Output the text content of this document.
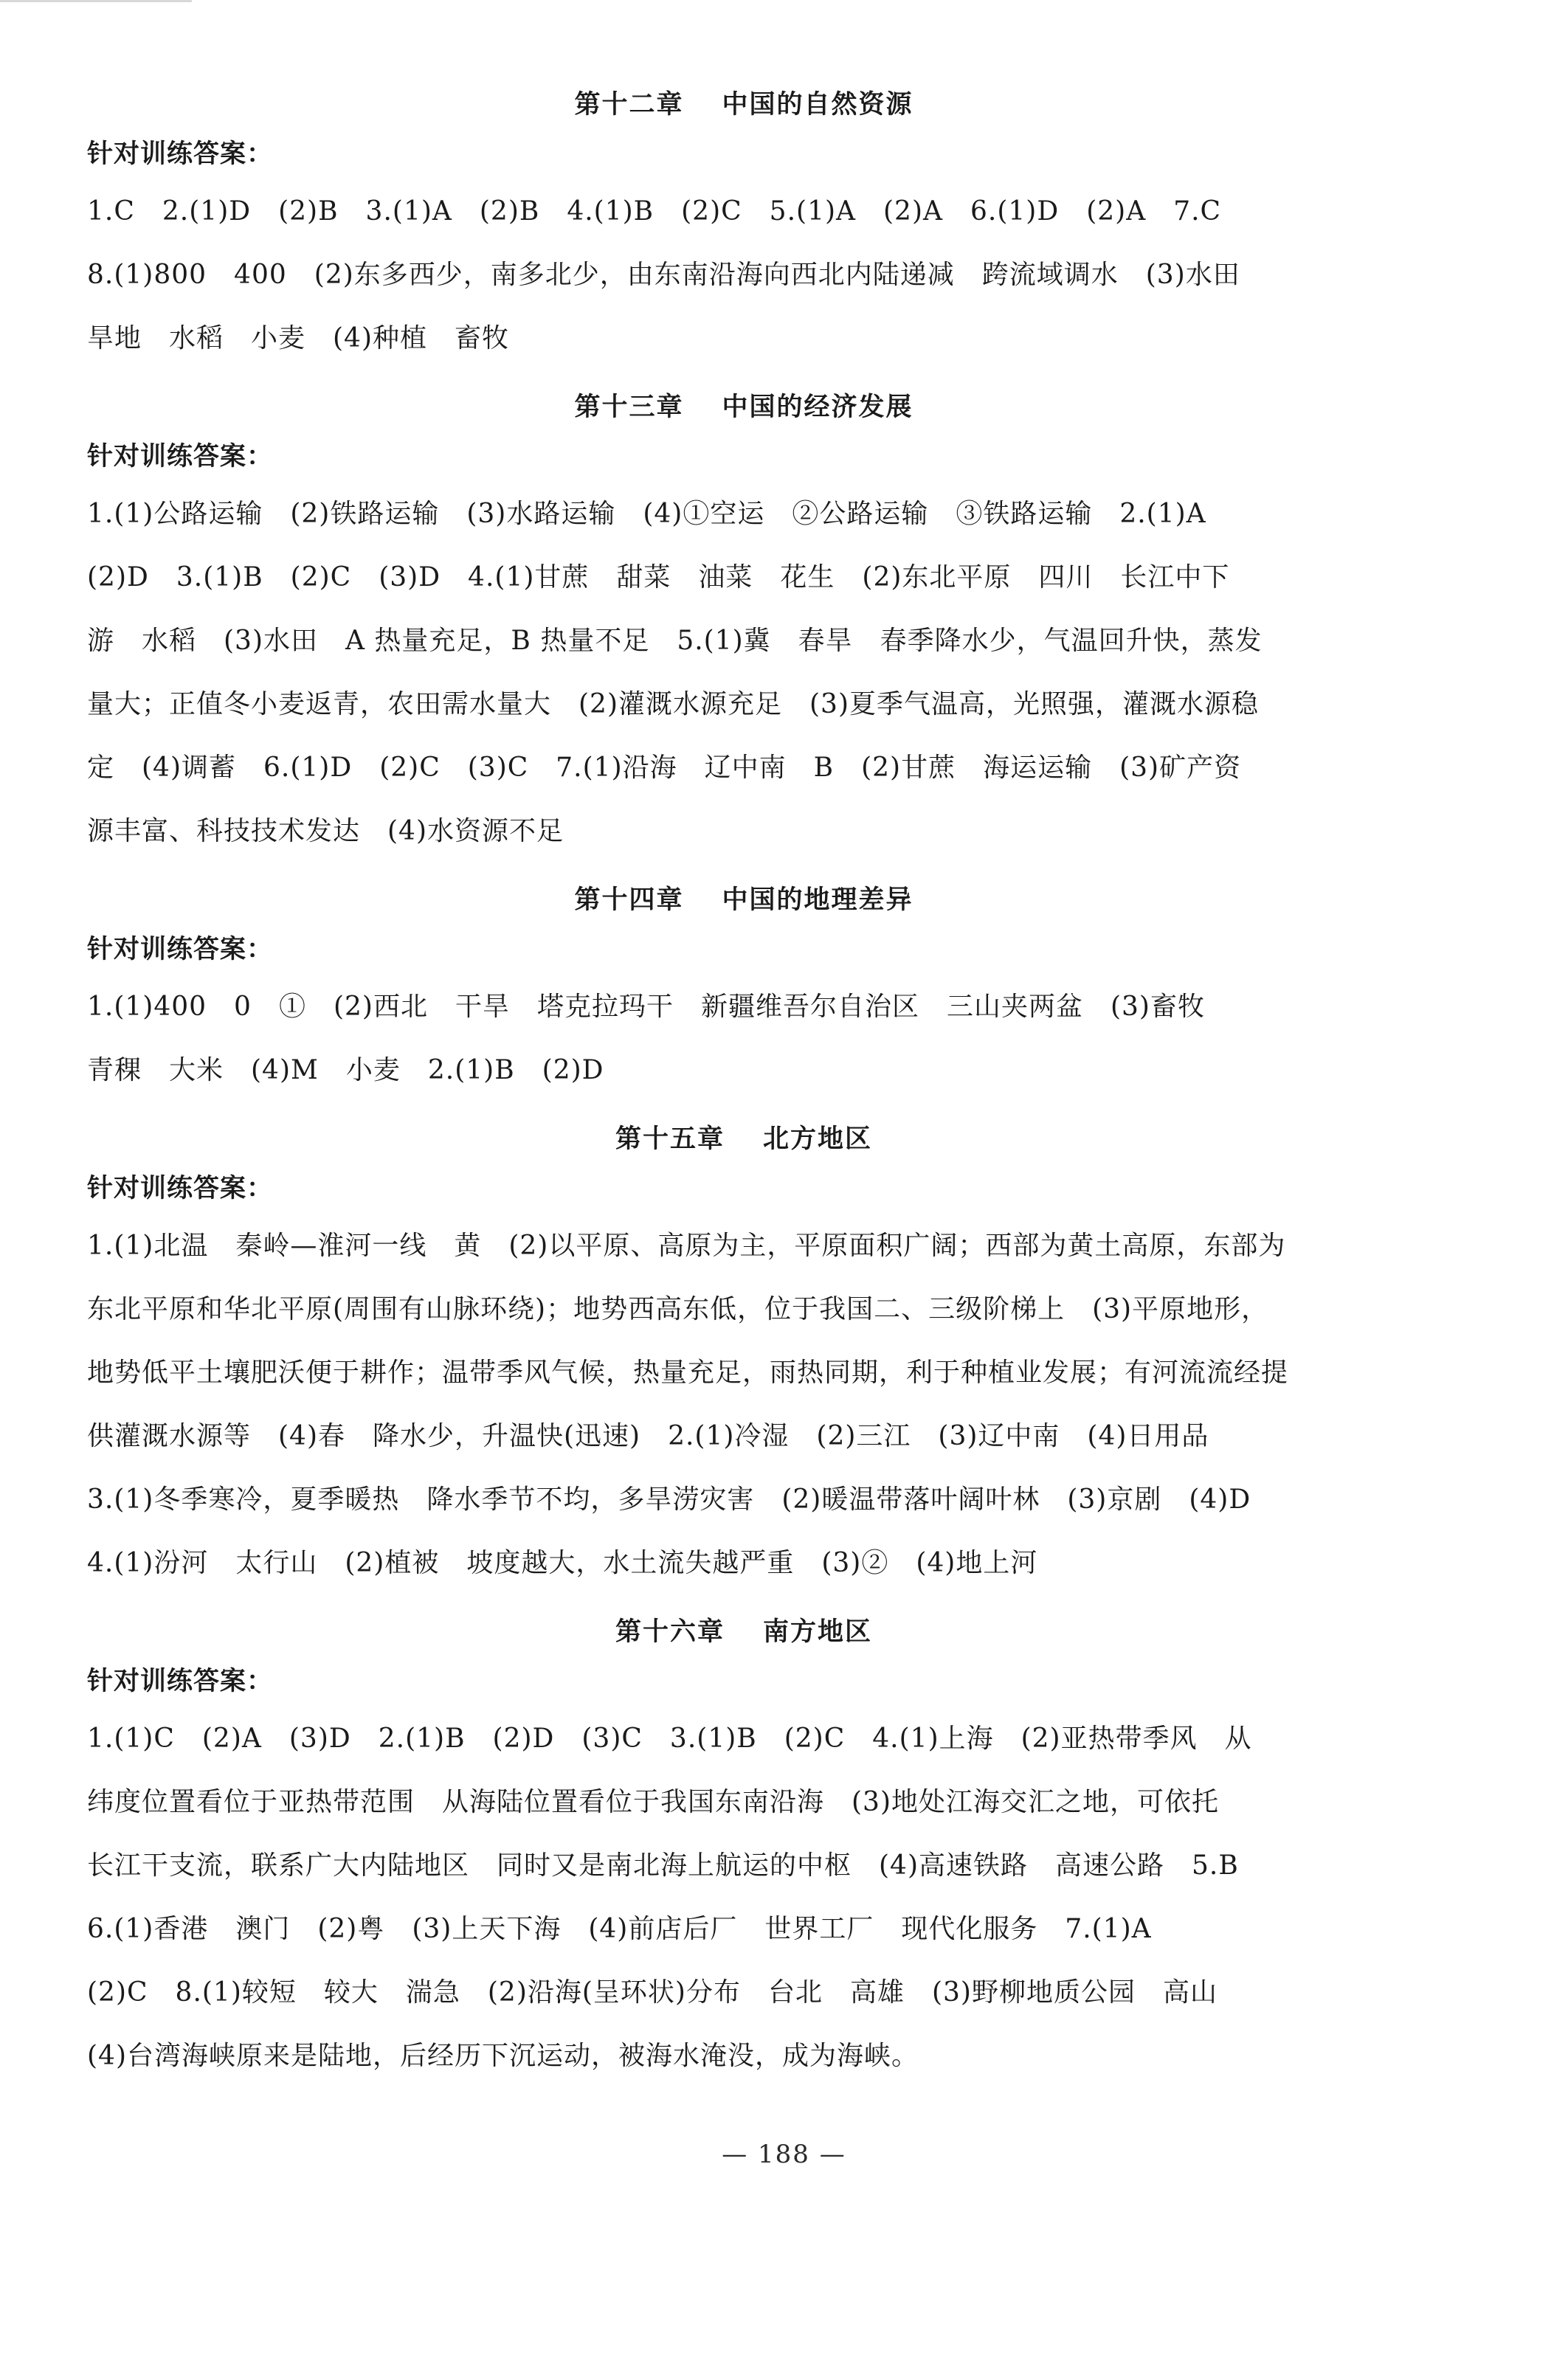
第十二章 中国的自然资源

针对训练答案：

1.C　2.(1)D　(2)B　3.(1)A　(2)B　4.(1)B　(2)C　5.(1)A　(2)A　6.(1)D　(2)A　7.C
8.(1)800　400　(2)东多西少，南多北少，由东南沿海向西北内陆递减　跨流域调水　(3)水田
旱地　水稻　小麦　(4)种植　畜牧
第十三章 中国的经济发展

针对训练答案：

1.(1)公路运输　(2)铁路运输　(3)水路运输　(4)①空运　②公路运输　③铁路运输　2.(1)A
(2)D　3.(1)B　(2)C　(3)D　4.(1)甘蔗　甜菜　油菜　花生　(2)东北平原　四川　长江中下
游　水稻　(3)水田　A 热量充足，B 热量不足　5.(1)冀　春旱　春季降水少，气温回升快，蒸发
量大；正值冬小麦返青，农田需水量大　(2)灌溉水源充足　(3)夏季气温高，光照强，灌溉水源稳
定　(4)调蓄　6.(1)D　(2)C　(3)C　7.(1)沿海　辽中南　B　(2)甘蔗　海运运输　(3)矿产资
源丰富、科技技术发达　(4)水资源不足
第十四章 中国的地理差异

针对训练答案：

1.(1)400　0　①　(2)西北　干旱　塔克拉玛干　新疆维吾尔自治区　三山夹两盆　(3)畜牧
青稞　大米　(4)M　小麦　2.(1)B　(2)D
第十五章 北方地区

针对训练答案：

1.(1)北温　秦岭—淮河一线　黄　(2)以平原、高原为主，平原面积广阔；西部为黄土高原，东部为
东北平原和华北平原(周围有山脉环绕)；地势西高东低，位于我国二、三级阶梯上　(3)平原地形，
地势低平土壤肥沃便于耕作；温带季风气候，热量充足，雨热同期，利于种植业发展；有河流流经提
供灌溉水源等　(4)春　降水少，升温快(迅速)　2.(1)冷湿　(2)三江　(3)辽中南　(4)日用品
3.(1)冬季寒冷，夏季暖热　降水季节不均，多旱涝灾害　(2)暖温带落叶阔叶林　(3)京剧　(4)D
4.(1)汾河　太行山　(2)植被　坡度越大，水土流失越严重　(3)②　(4)地上河
第十六章 南方地区

针对训练答案：

1.(1)C　(2)A　(3)D　2.(1)B　(2)D　(3)C　3.(1)B　(2)C　4.(1)上海　(2)亚热带季风　从
纬度位置看位于亚热带范围　从海陆位置看位于我国东南沿海　(3)地处江海交汇之地，可依托
长江干支流，联系广大内陆地区　同时又是南北海上航运的中枢　(4)高速铁路　高速公路　5.B
6.(1)香港　澳门　(2)粤　(3)上天下海　(4)前店后厂　世界工厂　现代化服务　7.(1)A
(2)C　8.(1)较短　较大　湍急　(2)沿海(呈环状)分布　台北　高雄　(3)野柳地质公园　高山
(4)台湾海峡原来是陆地，后经历下沉运动，被海水淹没，成为海峡。
— 188 —
